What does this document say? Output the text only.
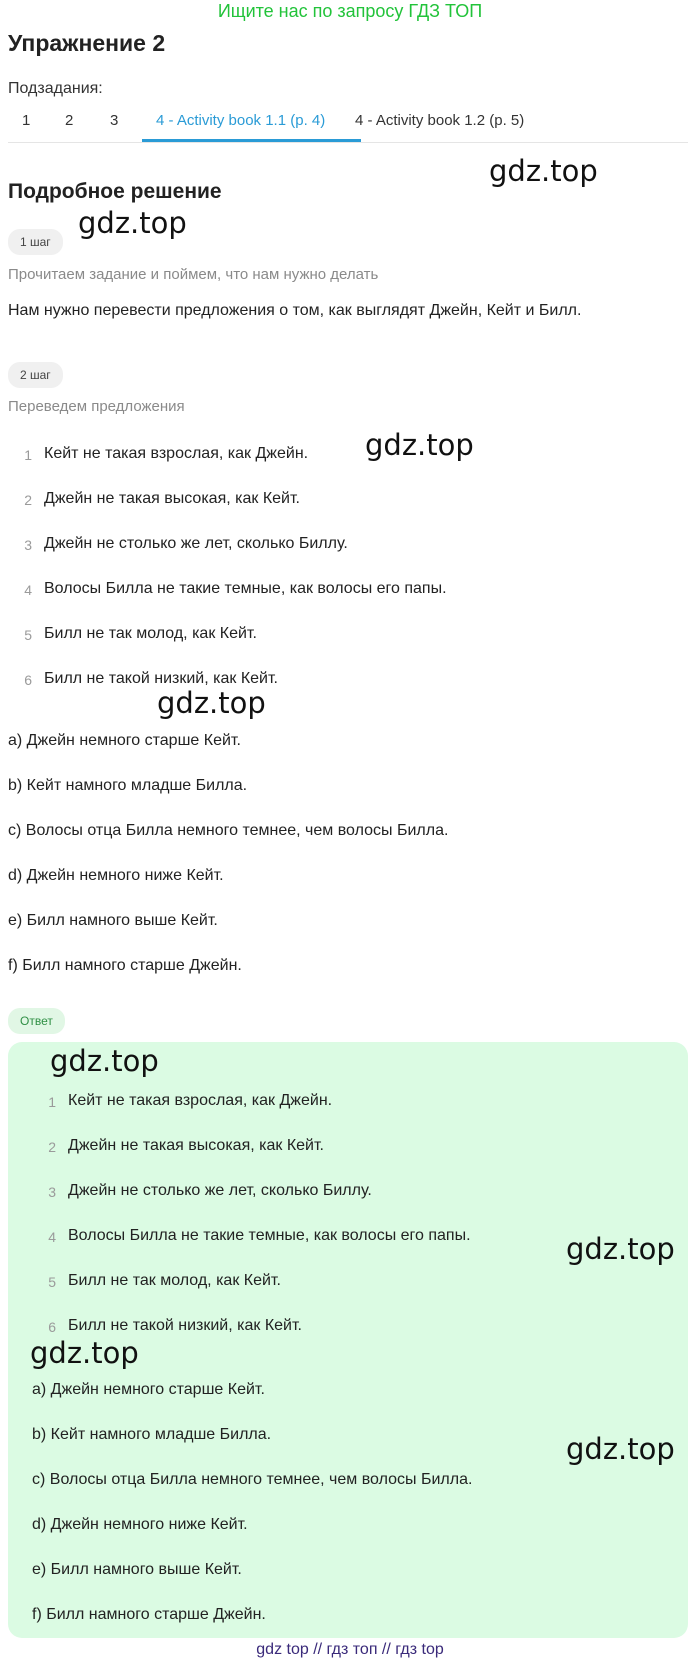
Ищите нас по запросу ГДЗ ТОП
Упражнение 2
Подзадания:
1 2 3	4 - Activity book 1.1 (p. 4) 4 - Activity book 1.2 (p. 5)
Подробное решение
1 шаг
Прочитаем задание и поймем, что нам нужно делать
Нам нужно перевести предложения о том, как выглядят Джейн, Кейт и Билл.
2 шаг
Переведем предложения
1 Кейт не такая взрослая, как Джейн.
2 Джейн не такая высокая, как Кейт.
3 Джейн не столько же лет, сколько Биллу.
4 Волосы Билла не такие темные, как волосы его папы.
5 Билл не так молод, как Кейт.
6 Билл не такой низкий, как Кейт.
a) Джейн немного старше Кейт.
b) Кейт намного младше Билла.
c) Волосы отца Билла немного темнее, чем волосы Билла.
d) Джейн немного ниже Кейт.
e) Билл намного выше Кейт.
f) Билл намного старше Джейн.
Ответ
1 Кейт не такая взрослая, как Джейн.
2 Джейн не такая высокая, как Кейт.
3 Джейн не столько же лет, сколько Биллу.
4 Волосы Билла не такие темные, как волосы его папы.
5 Билл не так молод, как Кейт.
6 Билл не такой низкий, как Кейт.
a) Джейн немного старше Кейт.
b) Кейт намного младше Билла.
c) Волосы отца Билла немного темнее, чем волосы Билла.
d) Джейн немного ниже Кейт.
e) Билл намного выше Кейт.
f) Билл намного старше Джейн.
gdz.top
gdz.top
gdz.top
gdz.top
gdz.top
gdz.top
gdz.top
gdz.top
gdz top // гдз топ // гдз top
